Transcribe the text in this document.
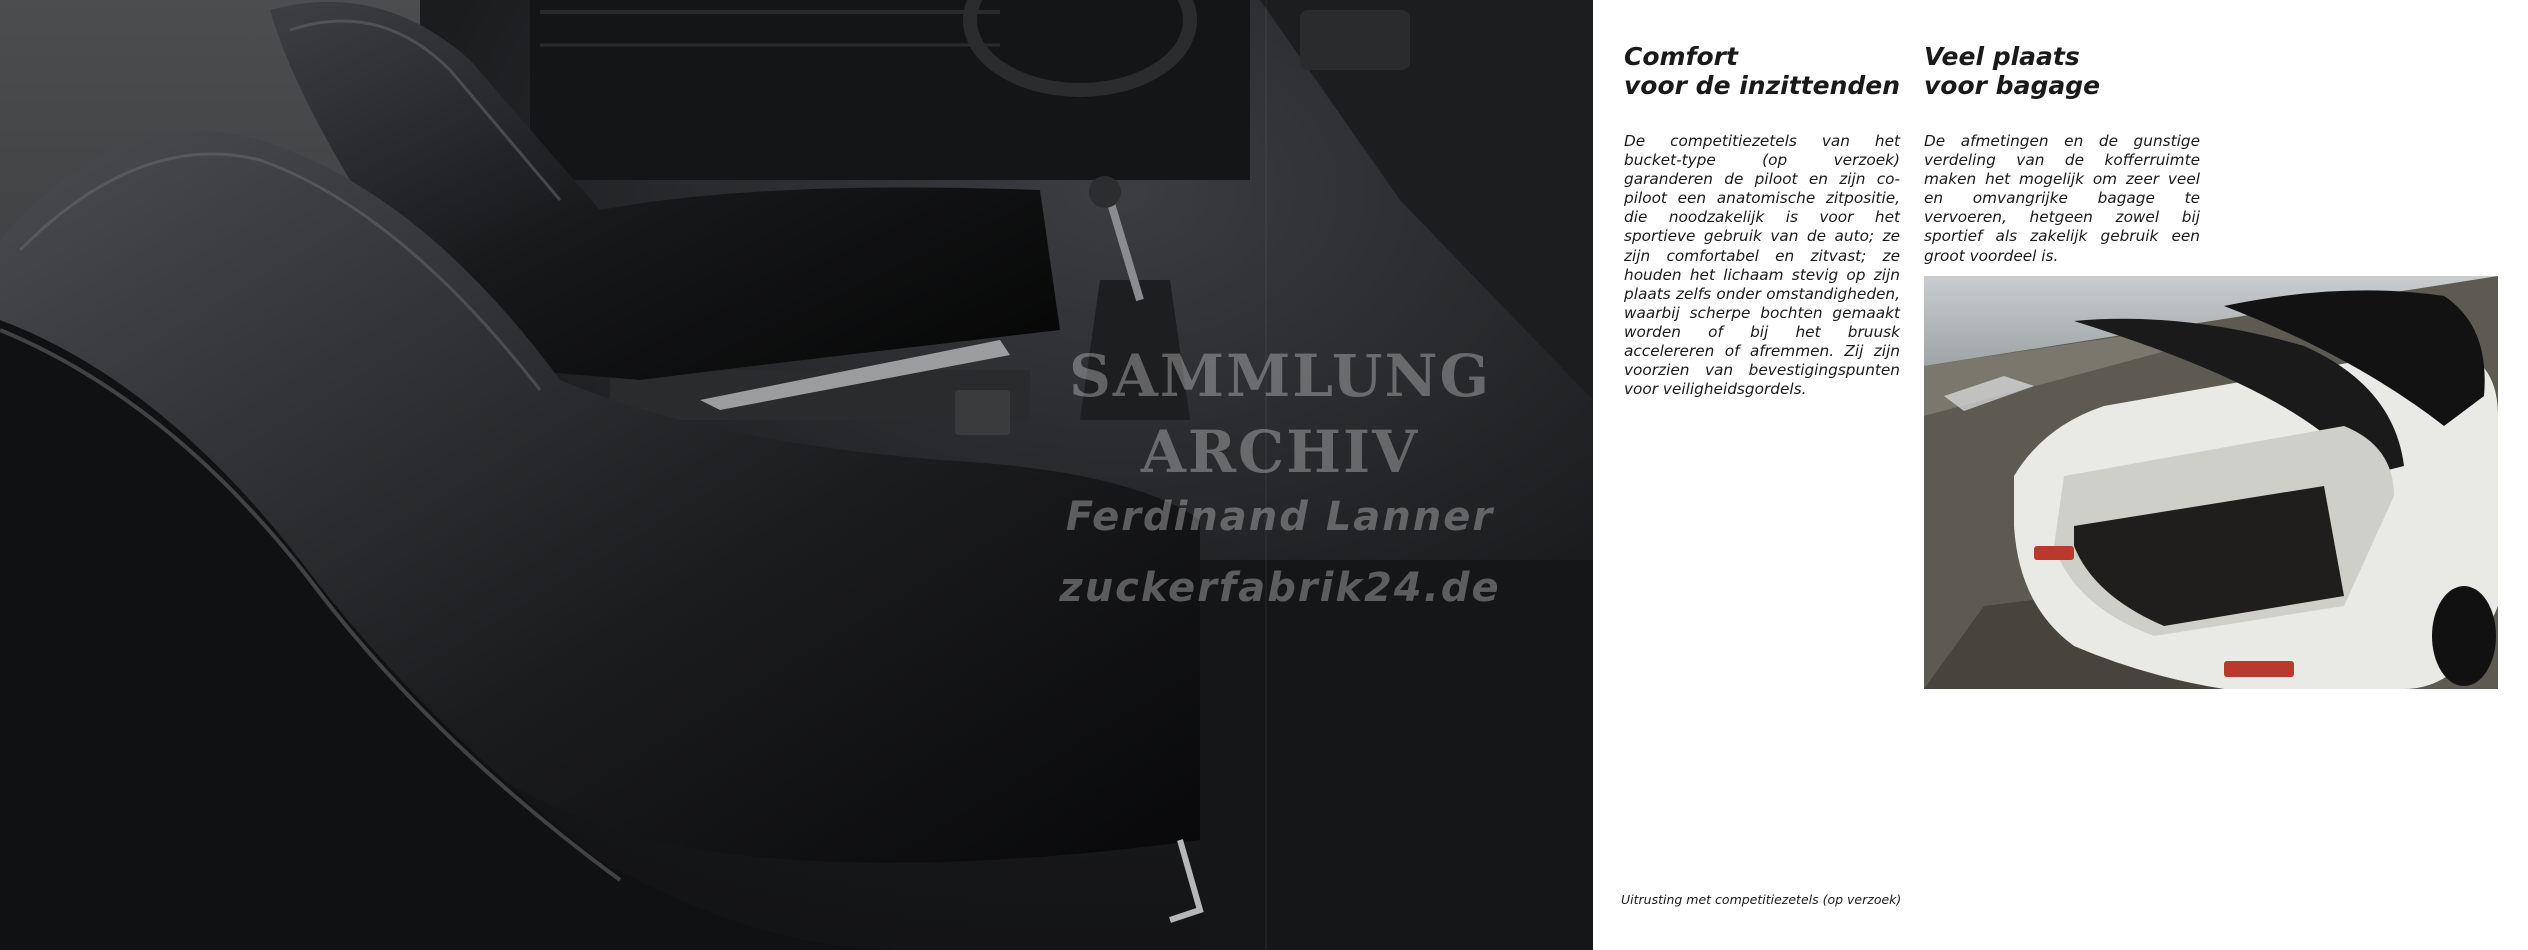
SAMMLUNG
ARCHIV
Ferdinand Lanner
zuckerfabrik24.de
Comfort
voor de inzittenden
Veel plaats
voor bagage

De competitiezetels van het bucket-type (op verzoek) garanderen de piloot en zijn co-piloot een anatomische zitpositie, die noodzakelijk is voor het sportieve gebruik van de auto; ze zijn comfortabel en zitvast; ze houden het lichaam stevig op zijn plaats zelfs onder omstandigheden, waarbij scherpe bochten gemaakt worden of bij het bruusk accelereren of afremmen. Zij zijn voorzien van bevestigingspunten voor veiligheidsgordels.

De afmetingen en de gunstige verdeling van de kofferruimte maken het mogelijk om zeer veel en omvangrijke bagage te vervoeren, hetgeen zowel bij sportief als zakelijk gebruik een groot voordeel is.

Uitrusting met competitiezetels (op verzoek)
